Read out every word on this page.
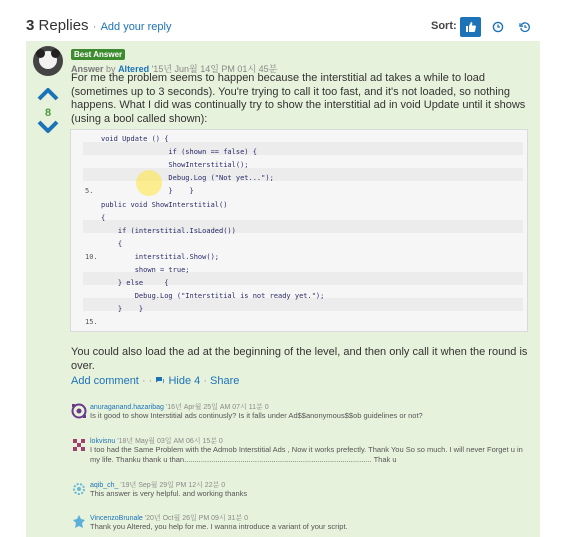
3 Replies · Add your reply	Sort:
8
Best Answer
Answer by Altered '15년 Jun월 14일 PM 01시 45분
For me the problem seems to happen because the interstitial ad takes a while to load (sometimes up to 3 seconds). You're trying to call it too fast, and it's not loaded, so nothing happens. What I did was continually try to show the interstitial ad in void Update until it shows (using a bool called shown):
void Update () {
if (shown == false) {
ShowInterstitial();
Debug.Log ("Not yet...");
5.                }    }
public void ShowInterstitial()
{
if (interstitial.IsLoaded())
{
10.        interstitial.Show();
shown = true;
} else     {
Debug.Log ("Interstitial is not ready yet.");
}    }
15.
You could also load the ad at the beginning of the level, and then only call it when the round is over.
Add comment · · Hide 4 · Share
anuraganand.hazaribag '16년 Apr월 25일 AM 07시 11분 0
Is it good to show Interstitial ads continusly? Is it falls under Ad$$anonymous$$ob guidelines or not?
lokvisnu '18년 May월 03일 AM 06시 15분 0
I too had the Same Problem with the Admob Interstitial Ads , Now it works prefectly. Thank You So so much. I will never Forget u in my life. Thanku thank u than.......................................................................................... Thak u
aqib_ch_ '19년 Sep월 29일 PM 12시 22분 0
This answer is very helpful. and working thanks
VincenzoBrunale '20년 Oct월 26일 PM 09시 31분 0
Thank you Altered, you help for me. I wanna introduce a variant of your script.
